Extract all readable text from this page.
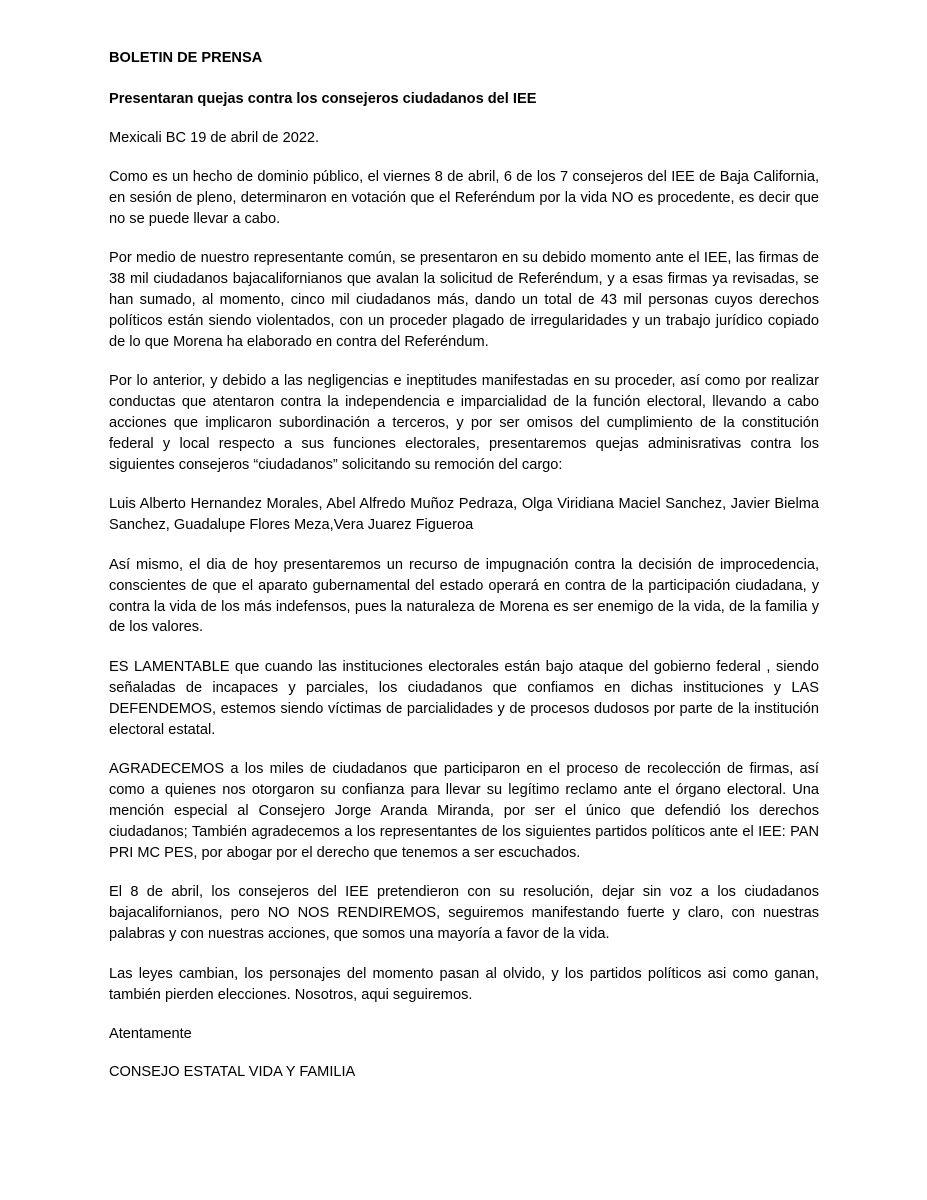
BOLETIN DE PRENSA

Presentaran quejas contra los consejeros ciudadanos del IEE

Mexicali BC 19 de abril de 2022.

Como es un hecho de dominio público, el viernes 8 de abril, 6 de los 7 consejeros del IEE de Baja California, en sesión de pleno, determinaron en votación que el Referéndum por la vida NO es procedente, es decir que no se puede llevar a cabo.

Por medio de nuestro representante común, se presentaron en su debido momento ante el IEE, las firmas de 38 mil ciudadanos bajacalifornianos que avalan la solicitud de Referéndum, y a esas firmas ya revisadas, se han sumado, al momento, cinco mil ciudadanos más, dando un total de 43 mil personas cuyos derechos políticos están siendo violentados, con un proceder plagado de irregularidades y un trabajo jurídico copiado de lo que Morena ha elaborado en contra del Referéndum.

Por lo anterior, y debido a las negligencias e ineptitudes manifestadas en su proceder, así como por realizar conductas que atentaron contra la independencia e imparcialidad de la función electoral, llevando a cabo acciones que implicaron subordinación a terceros, y por ser omisos del cumplimiento de la constitución federal y local respecto a sus funciones electorales, presentaremos quejas adminisrativas contra los siguientes consejeros “ciudadanos” solicitando su remoción del cargo:

Luis Alberto Hernandez Morales, Abel Alfredo Muñoz Pedraza, Olga Viridiana Maciel Sanchez, Javier Bielma Sanchez, Guadalupe Flores Meza,Vera Juarez Figueroa

Así mismo, el dia de hoy presentaremos un recurso de impugnación contra la decisión de improcedencia, conscientes de que el aparato gubernamental del estado operará en contra de la participación ciudadana, y contra la vida de los más indefensos, pues la naturaleza de Morena es ser enemigo de la vida, de la familia y de los valores.

ES LAMENTABLE que cuando las instituciones electorales están bajo ataque del gobierno federal , siendo señaladas de incapaces y parciales, los ciudadanos que confiamos en dichas instituciones y LAS DEFENDEMOS, estemos siendo víctimas de parcialidades y de procesos dudosos por parte de la institución electoral estatal.

AGRADECEMOS a los miles de ciudadanos que participaron en el proceso de recolección de firmas, así como a quienes nos otorgaron su confianza para llevar su legítimo reclamo ante el órgano electoral. Una mención especial al Consejero Jorge Aranda Miranda, por ser el único que defendió los derechos ciudadanos; También agradecemos a los representantes de los siguientes partidos políticos ante el IEE: PAN PRI MC PES, por abogar por el derecho que tenemos a ser escuchados.

El 8 de abril, los consejeros del IEE pretendieron con su resolución, dejar sin voz a los ciudadanos bajacalifornianos, pero NO NOS RENDIREMOS, seguiremos manifestando fuerte y claro, con nuestras palabras y con nuestras acciones, que somos una mayoría a favor de la vida.

Las leyes cambian, los personajes del momento pasan al olvido, y los partidos políticos asi como ganan, también pierden elecciones. Nosotros, aqui seguiremos.

Atentamente

CONSEJO ESTATAL VIDA Y FAMILIA
